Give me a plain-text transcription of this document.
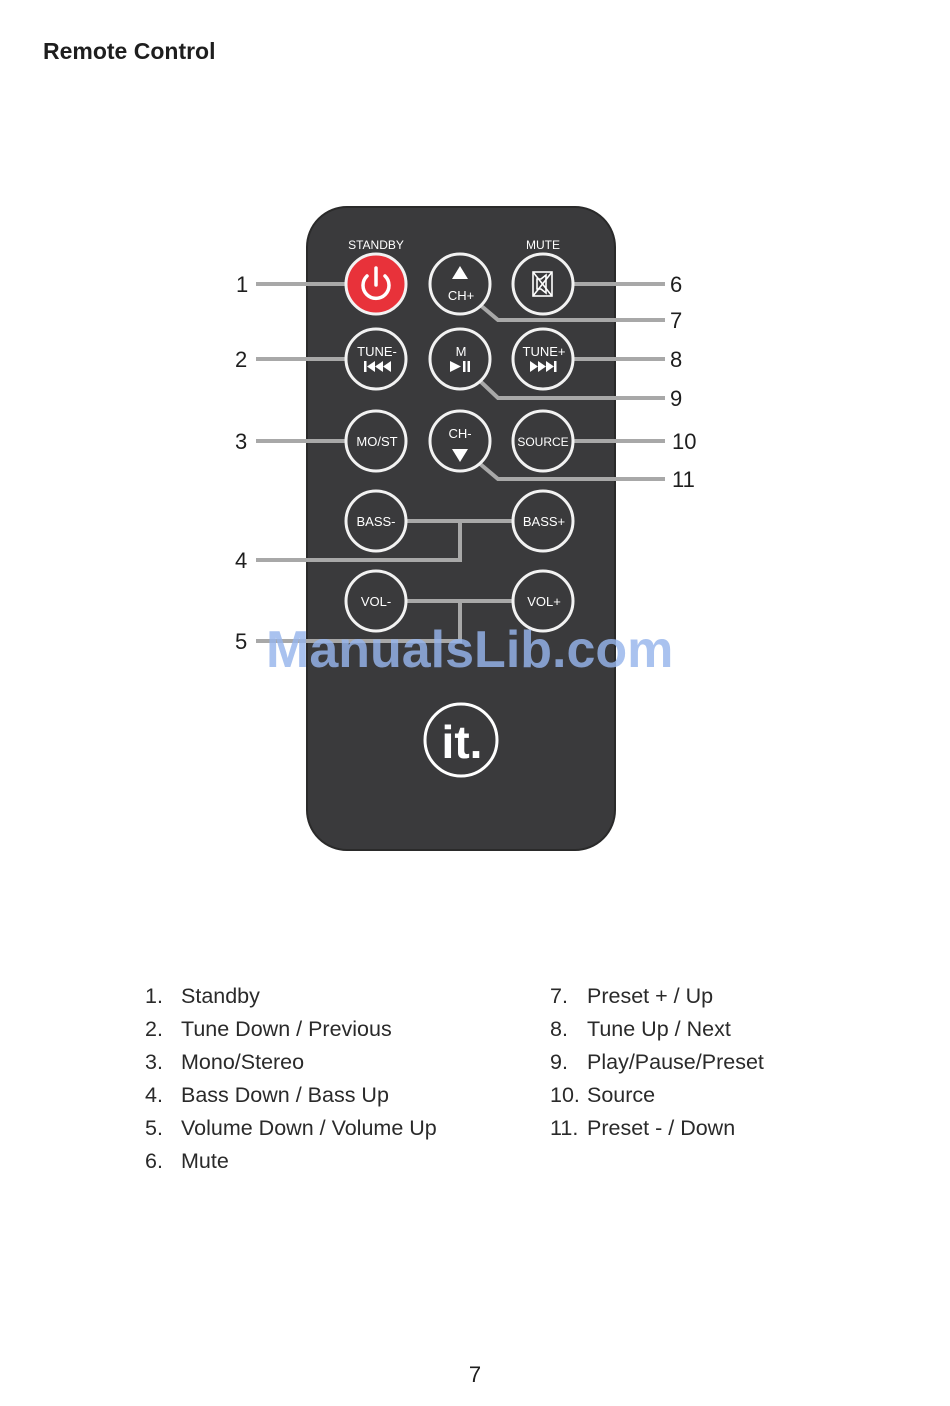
Remote Control
STANDBY	MUTE
CH+
TUNE-	M	TUNE+
MO/ST
CH-
SOURCE
BASS-	BASS+
VOL-	VOL+
it.
1
2
3
4
5
6
7
8
9
10
11
ManualsLib.com
1. Standby
2. Tune Down / Previous
3. Mono/Stereo
4. Bass Down / Bass Up
5. Volume Down / Volume Up
6. Mute
7. Preset + / Up
8. Tune Up / Next
9. Play/Pause/Preset
10. Source
11. Preset - / Down
7
